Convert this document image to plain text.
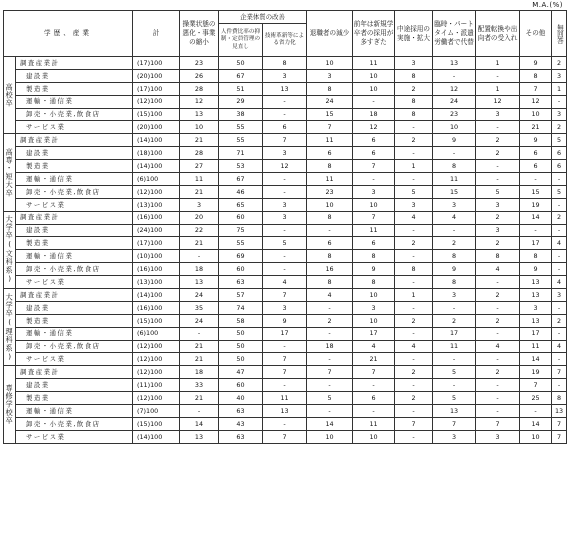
M.A.(%)
学歴、産業		計	操業状態の悪化・事業の縮小	企業体質の改善		退職者の減少	前年は新規学卒者の採用が多すぎた	中途採用の実施・拡大	臨時・パートタイム・派遣労働者で代替	配置転換や出向者の受入れ	その他	無回答
				人件費比率の抑制・定員管理の見直し	技術革新等による省力化							
高校卒	調査産業計	(17)100	23	50	8	10	11	3	13	1	9	2
	建設業	(20)100	26	67	3	3	10	8	-	-	8	3
	製造業	(17)100	28	51	13	8	10	2	12	1	7	1
	運輸・通信業	(12)100	12	29	-	24	-	8	24	12	12	-
	卸売・小売業,飲食店	(15)100	13	38	-	15	18	8	23	3	10	3
	サービス業	(20)100	10	55	6	7	12	-	10	-	21	2
高専・短大卒	調査産業計	(14)100	21	55	7	11	6	2	9	2	9	5
	建設業	(18)100	28	71	3	6	6	-	-	2	6	6
	製造業	(14)100	27	53	12	8	7	1	8	-	6	6
	運輸・通信業	(6)100	11	67	-	11	-	-	11	-	-	-
	卸売・小売業,飲食店	(12)100	21	46	-	23	3	5	15	5	15	5
	サービス業	(13)100	3	65	3	10	10	3	3	3	19	-
大学卒(文科系)	調査産業計	(16)100	20	60	3	8	7	4	4	2	14	2
	建設業	(24)100	22	75	-	-	11	-	-	3	-	-
	製造業	(17)100	21	55	5	6	6	2	2	2	17	4
	運輸・通信業	(10)100	-	69	-	8	8	-	8	8	8	-
	卸売・小売業,飲食店	(16)100	18	60	-	16	9	8	9	4	9	-
	サービス業	(13)100	13	63	4	8	8	-	8	-	13	4
大学卒(理科系)	調査産業計	(14)100	24	57	7	4	10	1	3	2	13	3
	建設業	(16)100	35	74	3	-	3	-	-	-	3	-
	製造業	(15)100	24	58	9	2	10	2	2	2	13	2
	運輸・通信業	(6)100	-	50	17	-	17	-	17	-	17	-
	卸売・小売業,飲食店	(12)100	21	50	-	18	4	4	11	4	11	4
	サービス業	(12)100	21	50	7	-	21	-	-	-	14	-
専修学校卒	調査産業計	(12)100	18	47	7	7	7	2	5	2	19	7
	建設業	(11)100	33	60	-	-	-	-	-	-	7	-
	製造業	(12)100	21	40	11	5	6	2	5	-	25	8
	運輸・通信業	(7)100	-	63	13	-	-	-	13	-	-	13
	卸売・小売業,飲食店	(15)100	14	43	-	14	11	7	7	7	14	7
	サービス業	(14)100	13	63	7	10	10	-	3	3	10	7
